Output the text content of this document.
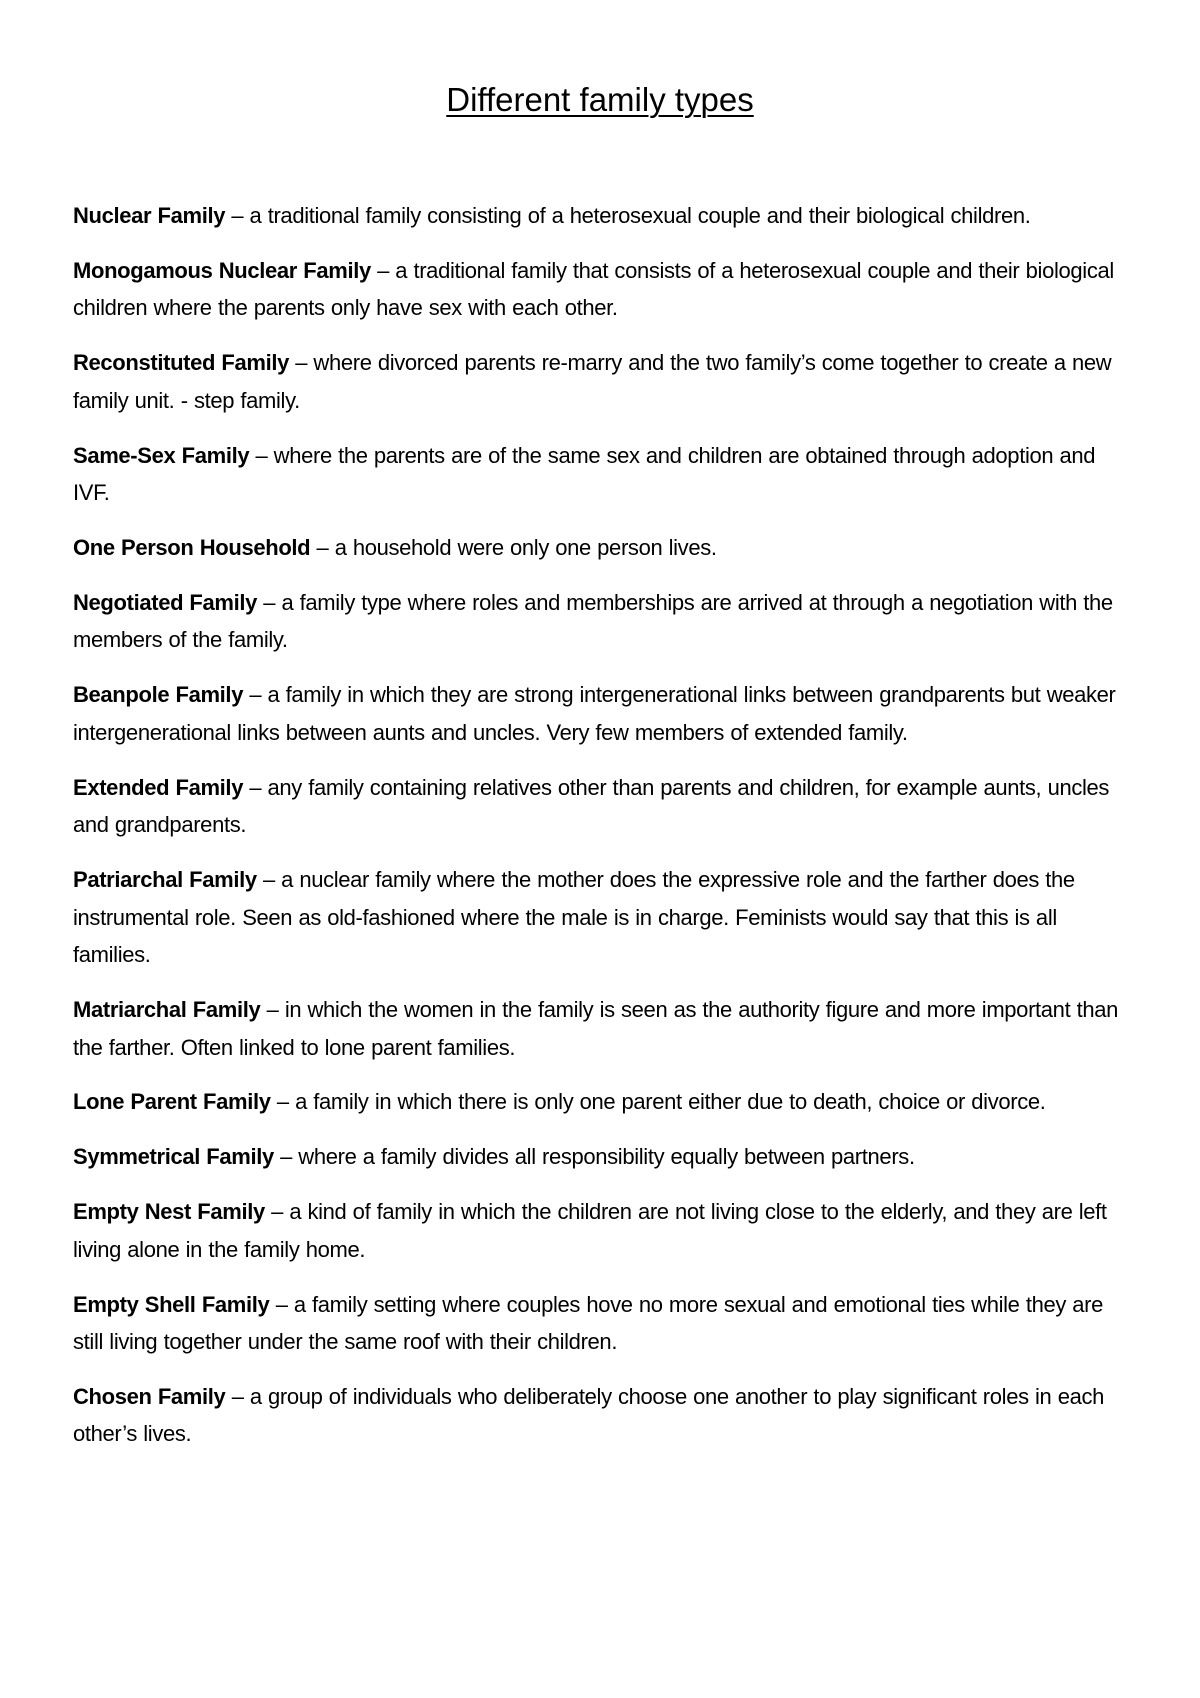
Different family types

Nuclear Family – a traditional family consisting of a heterosexual couple and their biological children.

Monogamous Nuclear Family – a traditional family that consists of a heterosexual couple and their biological children where the parents only have sex with each other.

Reconstituted Family – where divorced parents re-marry and the two family’s come together to create a new family unit. - step family.

Same-Sex Family – where the parents are of the same sex and children are obtained through adoption and IVF.

One Person Household – a household were only one person lives.

Negotiated Family – a family type where roles and memberships are arrived at through a negotiation with the members of the family.

Beanpole Family – a family in which they are strong intergenerational links between grandparents but weaker intergenerational links between aunts and uncles. Very few members of extended family.

Extended Family – any family containing relatives other than parents and children, for example aunts, uncles and grandparents.

Patriarchal Family – a nuclear family where the mother does the expressive role and the farther does the instrumental role. Seen as old-fashioned where the male is in charge. Feminists would say that this is all families.

Matriarchal Family – in which the women in the family is seen as the authority figure and more important than the farther. Often linked to lone parent families.

Lone Parent Family – a family in which there is only one parent either due to death, choice or divorce.

Symmetrical Family – where a family divides all responsibility equally between partners.

Empty Nest Family – a kind of family in which the children are not living close to the elderly, and they are left living alone in the family home.

Empty Shell Family – a family setting where couples hove no more sexual and emotional ties while they are still living together under the same roof with their children.

Chosen Family – a group of individuals who deliberately choose one another to play significant roles in each other’s lives.
